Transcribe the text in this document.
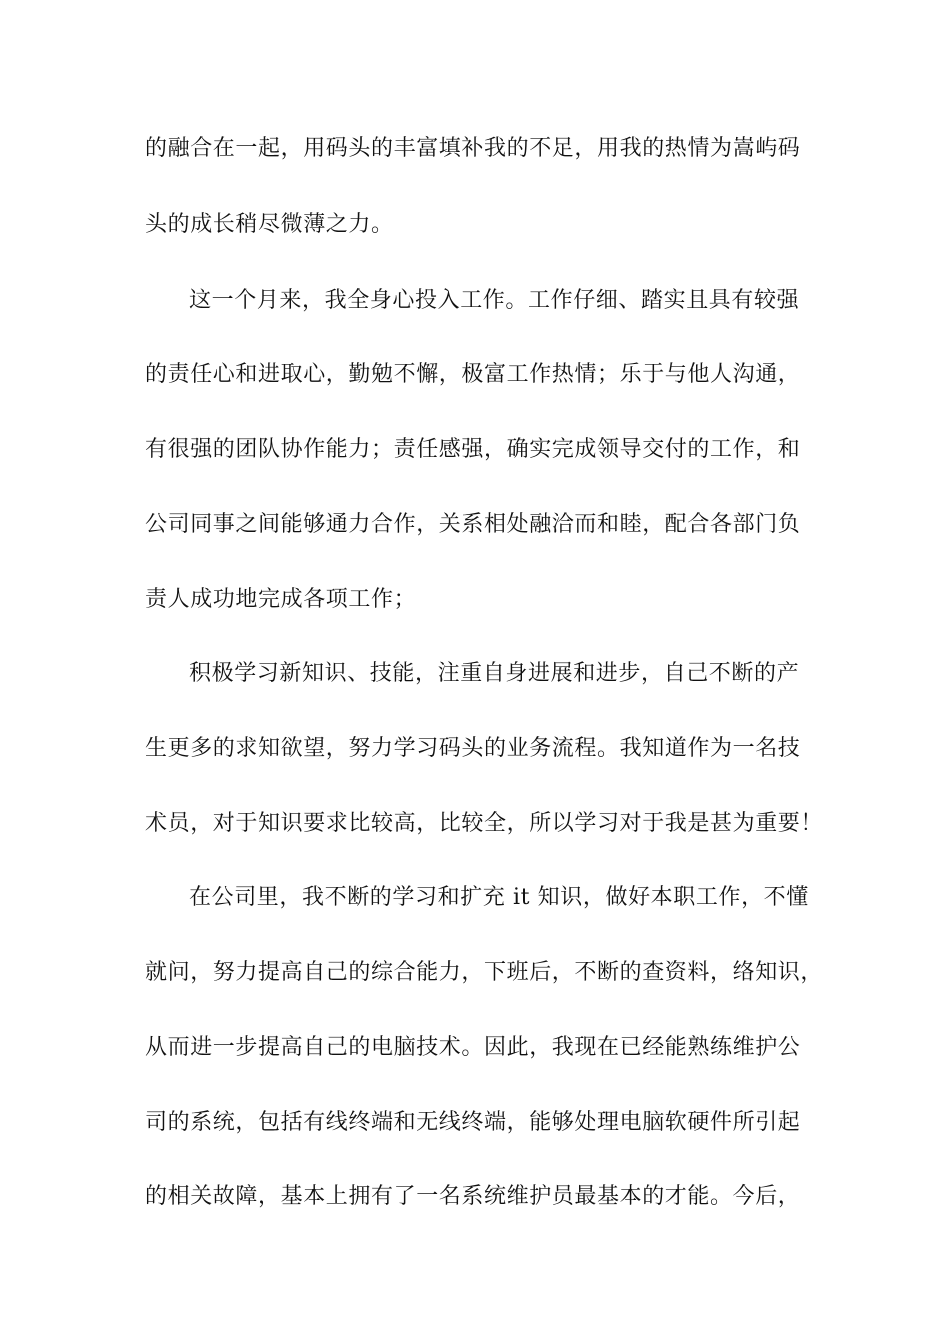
的融合在一起，用码头的丰富填补我的不足，用我的热情为嵩屿码
头的成长稍尽微薄之力。
这一个月来，我全身心投入工作。工作仔细、踏实且具有较强
的责任心和进取心，勤勉不懈，极富工作热情；乐于与他人沟通，
有很强的团队协作能力；责任感强，确实完成领导交付的工作，和
公司同事之间能够通力合作，关系相处融洽而和睦，配合各部门负
责人成功地完成各项工作；
积极学习新知识、技能，注重自身进展和进步，自己不断的产
生更多的求知欲望，努力学习码头的业务流程。我知道作为一名技
术员，对于知识要求比较高，比较全，所以学习对于我是甚为重要！
在公司里，我不断的学习和扩充 it 知识，做好本职工作，不懂
就问，努力提高自己的综合能力，下班后，不断的查资料，络知识，
从而进一步提高自己的电脑技术。因此，我现在已经能熟练维护公
司的系统，包括有线终端和无线终端，能够处理电脑软硬件所引起
的相关故障，基本上拥有了一名系统维护员最基本的才能。今后，
